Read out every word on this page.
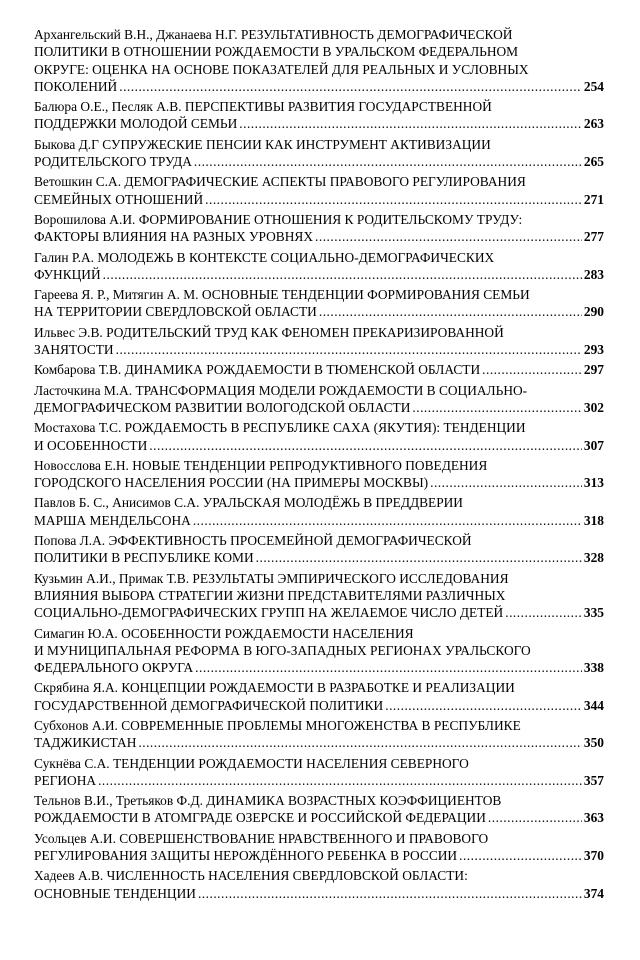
Архангельский В.Н., Джанаева Н.Г. РЕЗУЛЬТАТИВНОСТЬ ДЕМОГРАФИЧЕСКОЙ
ПОЛИТИКИ В ОТНОШЕНИИ РОЖДАЕМОСТИ В УРАЛЬСКОМ ФЕДЕРАЛЬНОМ
ОКРУГЕ: ОЦЕНКА НА ОСНОВЕ ПОКАЗАТЕЛЕЙ ДЛЯ РЕАЛЬНЫХ И УСЛОВНЫХ
ПОКОЛЕНИЙ .....	254
Балюра О.Е., Песляк А.В. ПЕРСПЕКТИВЫ РАЗВИТИЯ ГОСУДАРСТВЕННОЙ
ПОДДЕРЖКИ МОЛОДОЙ СЕМЬИ .....	263
Быкова Д.Г СУПРУЖЕСКИЕ ПЕНСИИ КАК ИНСТРУМЕНТ АКТИВИЗАЦИИ
РОДИТЕЛЬСКОГО ТРУДА .....	265
Ветошкин С.А. ДЕМОГРАФИЧЕСКИЕ АСПЕКТЫ ПРАВОВОГО РЕГУЛИРОВАНИЯ
СЕМЕЙНЫХ ОТНОШЕНИЙ .....	271
Ворошилова А.И. ФОРМИРОВАНИЕ ОТНОШЕНИЯ К РОДИТЕЛЬСКОМУ ТРУДУ:
ФАКТОРЫ ВЛИЯНИЯ НА РАЗНЫХ УРОВНЯХ .....	277
Галин Р.А. МОЛОДЕЖЬ В КОНТЕКСТЕ СОЦИАЛЬНО-ДЕМОГРАФИЧЕСКИХ
ФУНКЦИЙ .....	283
Гареева Я. Р., Митягин А. М. ОСНОВНЫЕ ТЕНДЕНЦИИ ФОРМИРОВАНИЯ СЕМЬИ
НА ТЕРРИТОРИИ СВЕРДЛОВСКОЙ ОБЛАСТИ .....	290
Ильвес Э.В. РОДИТЕЛЬСКИЙ ТРУД КАК ФЕНОМЕН ПРЕКАРИЗИРОВАННОЙ
ЗАНЯТОСТИ .....	293
Комбарова Т.В. ДИНАМИКА РОЖДАЕМОСТИ В ТЮМЕНСКОЙ ОБЛАСТИ .....	297
Ласточкина М.А. ТРАНСФОРМАЦИЯ МОДЕЛИ РОЖДАЕМОСТИ В СОЦИАЛЬНО-
ДЕМОГРАФИЧЕСКОМ РАЗВИТИИ ВОЛОГОДСКОЙ ОБЛАСТИ .....	302
Мостахова Т.С. РОЖДАЕМОСТЬ В РЕСПУБЛИКЕ САХА (ЯКУТИЯ): ТЕНДЕНЦИИ
И ОСОБЕННОСТИ .....	307
Новосслова Е.Н. НОВЫЕ ТЕНДЕНЦИИ РЕПРОДУКТИВНОГО ПОВЕДЕНИЯ
ГОРОДСКОГО НАСЕЛЕНИЯ РОССИИ (НА ПРИМЕРЫ МОСКВЫ) .....	313
Павлов Б. С., Анисимов С.А. УРАЛЬСКАЯ МОЛОДЁЖЬ В ПРЕДДВЕРИИ
МАРША МЕНДЕЛЬСОНА .....	318
Попова Л.А. ЭФФЕКТИВНОСТЬ ПРОСЕМЕЙНОЙ ДЕМОГРАФИЧЕСКОЙ
ПОЛИТИКИ В РЕСПУБЛИКЕ КОМИ .....	328
Кузьмин А.И., Примак Т.В. РЕЗУЛЬТАТЫ ЭМПИРИЧЕСКОГО ИССЛЕДОВАНИЯ
ВЛИЯНИЯ ВЫБОРА СТРАТЕГИИ ЖИЗНИ ПРЕДСТАВИТЕЛЯМИ РАЗЛИЧНЫХ
СОЦИАЛЬНО-ДЕМОГРАФИЧЕСКИХ ГРУПП НА ЖЕЛАЕМОЕ ЧИСЛО ДЕТЕЙ .....	335
Симагин Ю.А. ОСОБЕННОСТИ РОЖДАЕМОСТИ НАСЕЛЕНИЯ
И МУНИЦИПАЛЬНАЯ РЕФОРМА В ЮГО-ЗАПАДНЫХ РЕГИОНАХ УРАЛЬСКОГО
ФЕДЕРАЛЬНОГО ОКРУГА .....	338
Скрябина Я.А. КОНЦЕПЦИИ РОЖДАЕМОСТИ В РАЗРАБОТКЕ И РЕАЛИЗАЦИИ
ГОСУДАРСТВЕННОЙ ДЕМОГРАФИЧЕСКОЙ ПОЛИТИКИ .....	344
Субхонов А.И. СОВРЕМЕННЫЕ ПРОБЛЕМЫ МНОГОЖЕНСТВА В РЕСПУБЛИКЕ
ТАДЖИКИСТАН .....	350
Сукнёва С.А. ТЕНДЕНЦИИ РОЖДАЕМОСТИ НАСЕЛЕНИЯ СЕВЕРНОГО
РЕГИОНА .....	357
Тельнов В.И., Третьяков Ф.Д. ДИНАМИКА ВОЗРАСТНЫХ КОЭФФИЦИЕНТОВ
РОЖДАЕМОСТИ В АТОМГРАДЕ ОЗЕРСКЕ И РОССИЙСКОЙ ФЕДЕРАЦИИ .....	363
Усольцев А.И. СОВЕРШЕНСТВОВАНИЕ НРАВСТВЕННОГО И ПРАВОВОГО
РЕГУЛИРОВАНИЯ ЗАЩИТЫ НЕРОЖДЁННОГО РЕБЕНКА В РОССИИ .....	370
Хадеев А.В. ЧИСЛЕННОСТЬ НАСЕЛЕНИЯ СВЕРДЛОВСКОЙ ОБЛАСТИ:
ОСНОВНЫЕ ТЕНДЕНЦИИ .....	374
